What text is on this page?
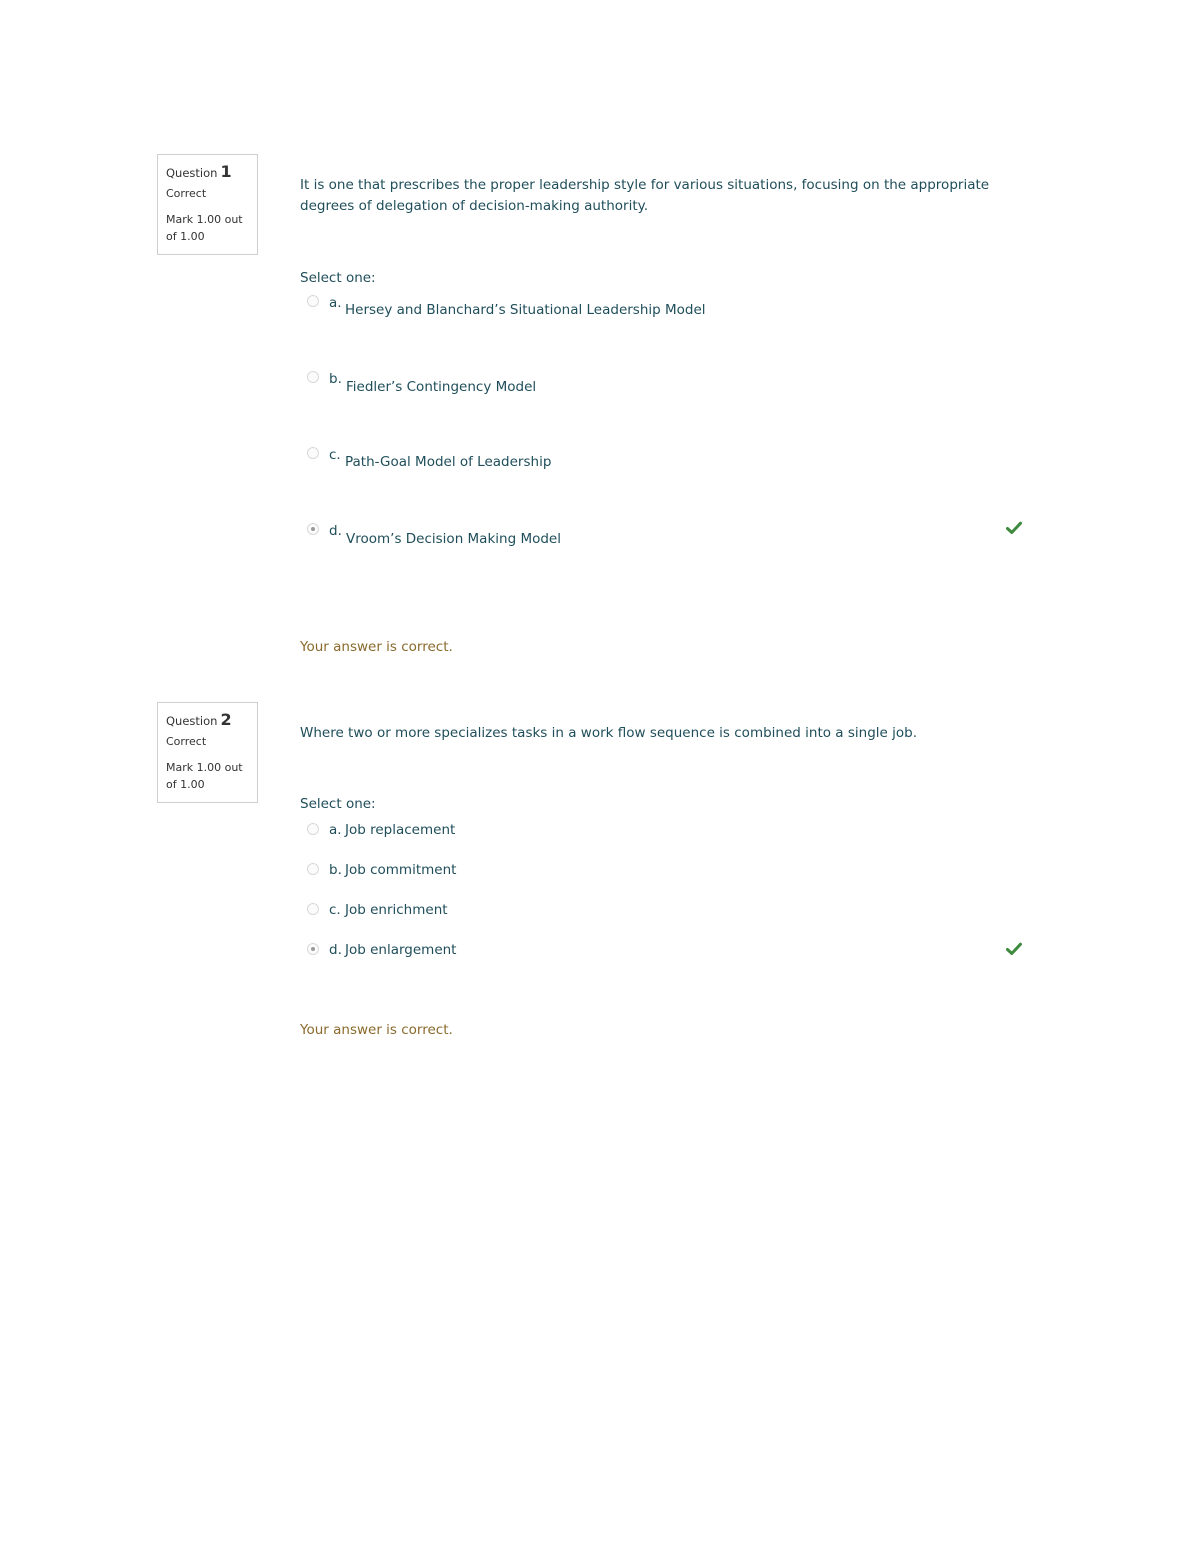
Question 1
Correct
Mark 1.00 out of 1.00
It is one that prescribes the proper leadership style for various situations, focusing on the appropriate degrees of delegation of decision-making authority.
Select one:
a. Hersey and Blanchard’s Situational Leadership Model
b. Fiedler’s Contingency Model
c. Path-Goal Model of Leadership
d. Vroom’s Decision Making Model
Your answer is correct.
Question 2
Correct
Mark 1.00 out of 1.00
Where two or more specializes tasks in a work flow sequence is combined into a single job.
Select one:
a. Job replacement
b. Job commitment
c. Job enrichment
d. Job enlargement
Your answer is correct.
